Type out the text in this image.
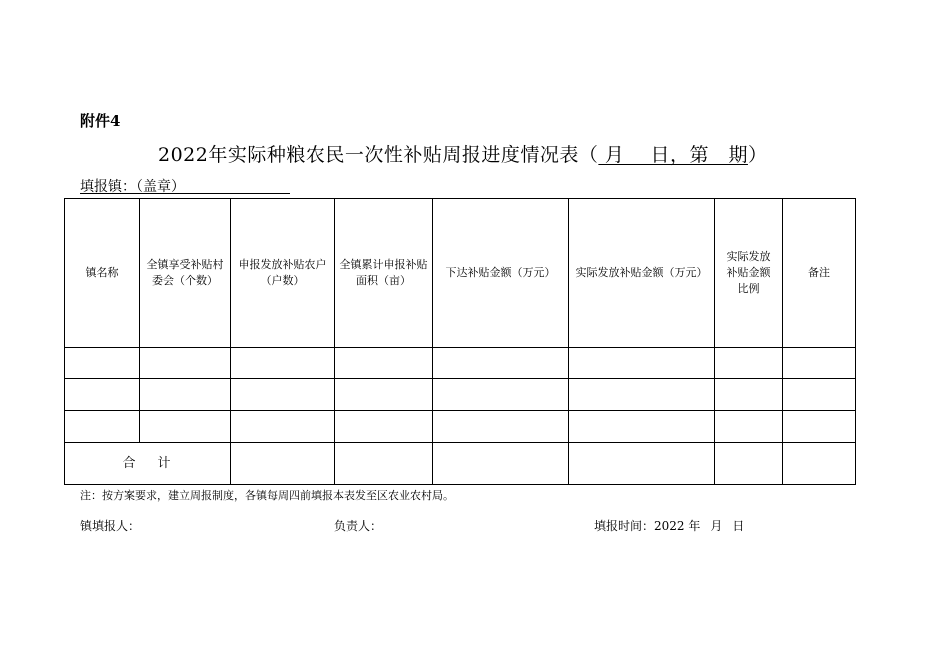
附件4
2022年实际种粮农民一次性补贴周报进度情况表（ 月　 日，第　期）
填报镇：（盖章）
镇名称	全镇享受补贴村委会（个数）	申报发放补贴农户（户数）	全镇累计申报补贴面积（亩）	下达补贴金额（万元）	实际发放补贴金额（万元）	实际发放补贴金额比例	备注

合计							
注：按方案要求，建立周报制度，各镇每周四前填报本表发至区农业农村局。
镇填报人：	负责人：	填报时间：2022 年 月 日
